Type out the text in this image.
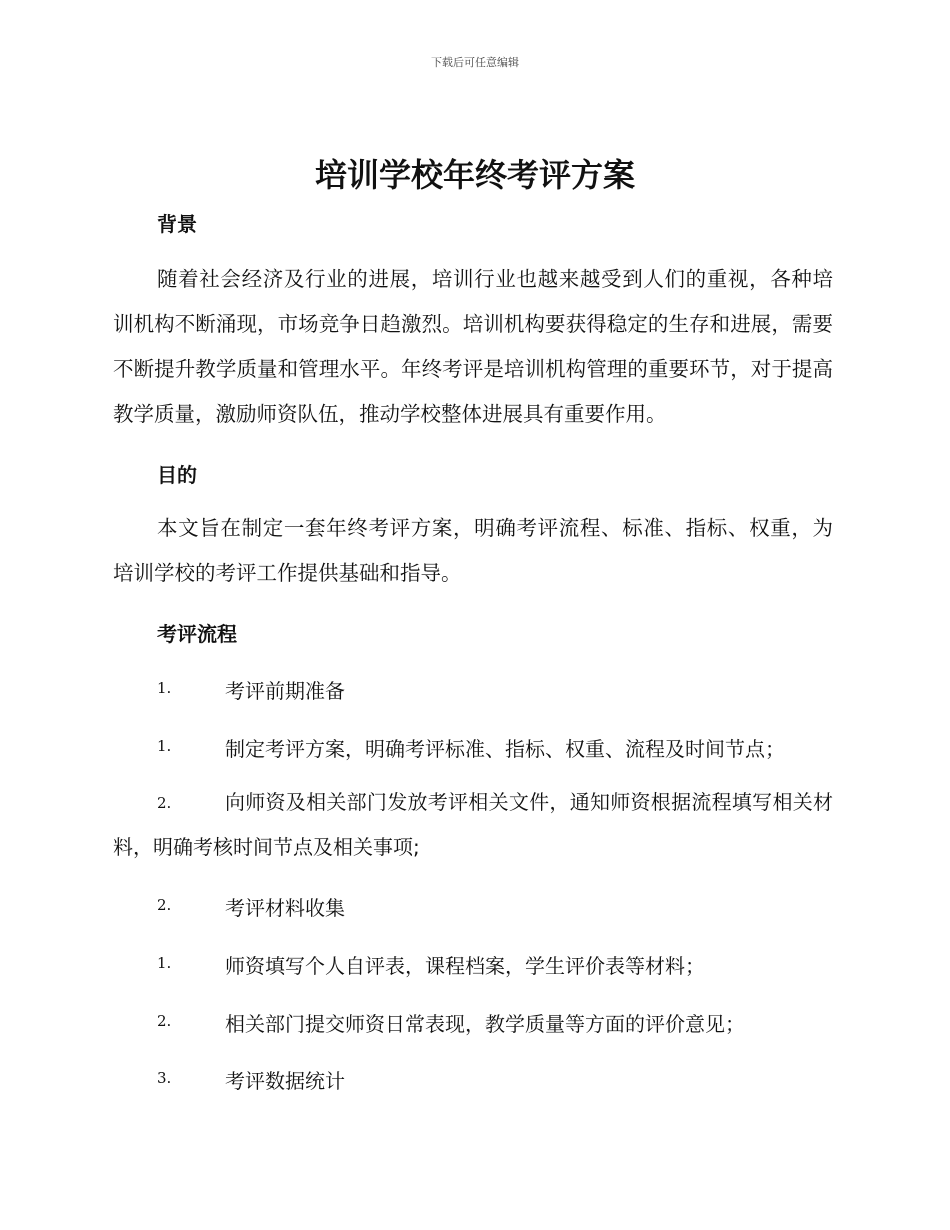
下载后可任意编辑
培训学校年终考评方案
背景

随着社会经济及行业的进展，培训行业也越来越受到人们的重视，各种培训机构不断涌现，市场竞争日趋激烈。培训机构要获得稳定的生存和进展，需要不断提升教学质量和管理水平。年终考评是培训机构管理的重要环节，对于提高教学质量，激励师资队伍，推动学校整体进展具有重要作用。

目的

本文旨在制定一套年终考评方案，明确考评流程、标准、指标、权重，为培训学校的考评工作提供基础和指导。

考评流程
1.	考评前期准备
1.	制定考评方案，明确考评标准、指标、权重、流程及时间节点；
2.	向师资及相关部门发放考评相关文件，通知师资根据流程填写相关材料，明确考核时间节点及相关事项;
2.	考评材料收集
1.	师资填写个人自评表，课程档案，学生评价表等材料；
2.	相关部门提交师资日常表现，教学质量等方面的评价意见；
3.	考评数据统计
